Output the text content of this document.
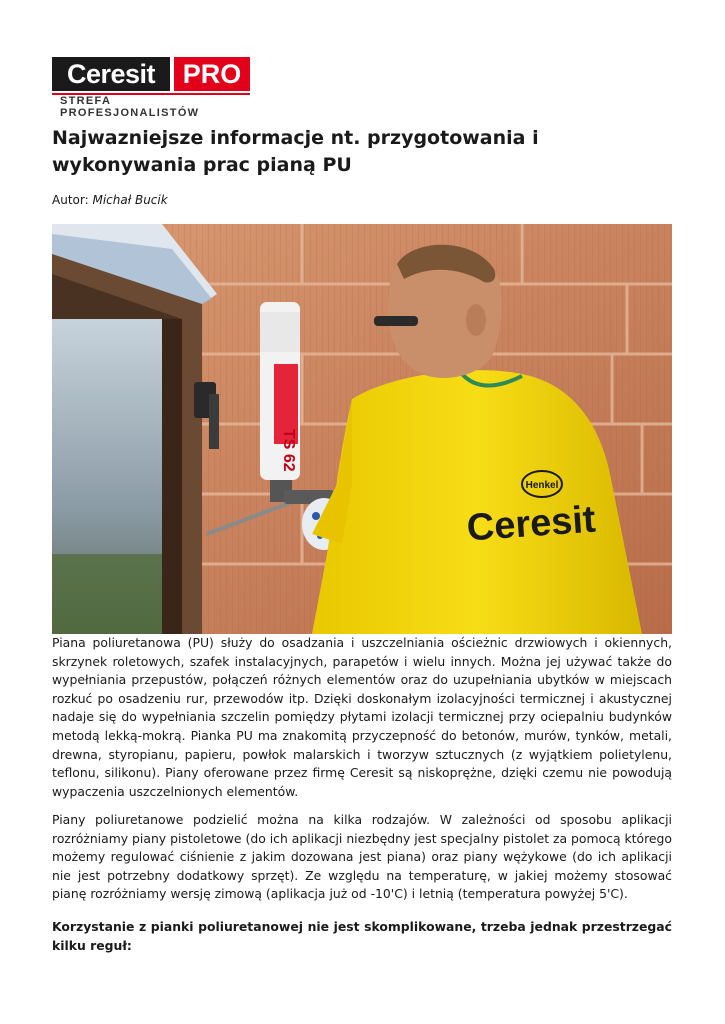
Ceresit	PRO
STREFA PROFESJONALISTÓW
Najwazniejsze informacje nt. przygotowania i wykonywania prac pianą PU
Autor: Michał Bucik
TS 62
Henkel
Ceresit

Piana poliuretanowa (PU) służy do osadzania i uszczelniania ościeżnic drzwiowych i okiennych, skrzynek roletowych, szafek instalacyjnych, parapetów i wielu innych. Można jej używać także do wypełniania przepustów, połączeń różnych elementów oraz do uzupełniania ubytków w miejscach rozkuć po osadzeniu rur, przewodów itp. Dzięki doskonałym izolacyjności termicznej i akustycznej nadaje się do wypełniania szczelin pomiędzy płytami izolacji termicznej przy ociepalniu budynków metodą lekką-mokrą. Pianka PU ma znakomitą przyczepność do betonów, murów, tynków, metali, drewna, styropianu, papieru, powłok malarskich i tworzyw sztucznych (z wyjątkiem polietylenu, teflonu, silikonu). Piany oferowane przez firmę Ceresit są niskoprężne, dzięki czemu nie powodują wypaczenia uszczelnionych elementów.

Piany poliuretanowe podzielić można na kilka rodzajów. W zależności od sposobu aplikacji rozróżniamy piany pistoletowe (do ich aplikacji niezbędny jest specjalny pistolet za pomocą którego możemy regulować ciśnienie z jakim dozowana jest piana) oraz piany wężykowe (do ich aplikacji nie jest potrzebny dodatkowy sprzęt). Ze względu na temperaturę, w jakiej możemy stosować pianę rozróżniamy wersję zimową (aplikacja już od -10'C) i letnią (temperatura powyżej 5'C).

Korzystanie z pianki poliuretanowej nie jest skomplikowane, trzeba jednak przestrzegać kilku reguł:
